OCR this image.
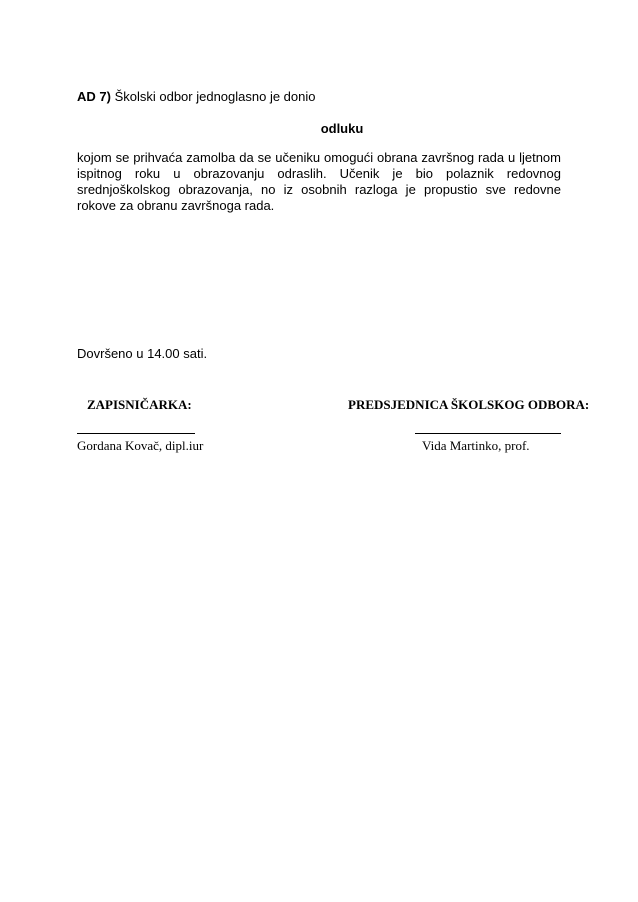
AD 7) Školski odbor jednoglasno je donio
odluku
kojom se prihvaća zamolba da se učeniku omogući obrana završnog rada u ljetnom ispitnog roku u obrazovanju odraslih. Učenik je bio polaznik redovnog srednjoškolskog obrazovanja, no iz osobnih razloga je propustio sve redovne rokove za obranu završnoga rada.
Dovršeno u 14.00 sati.
ZAPISNIČARKA:	PREDSJEDNICA ŠKOLSKOG ODBORA:
Gordana Kovač, dipl.iur	Vida Martinko, prof.
